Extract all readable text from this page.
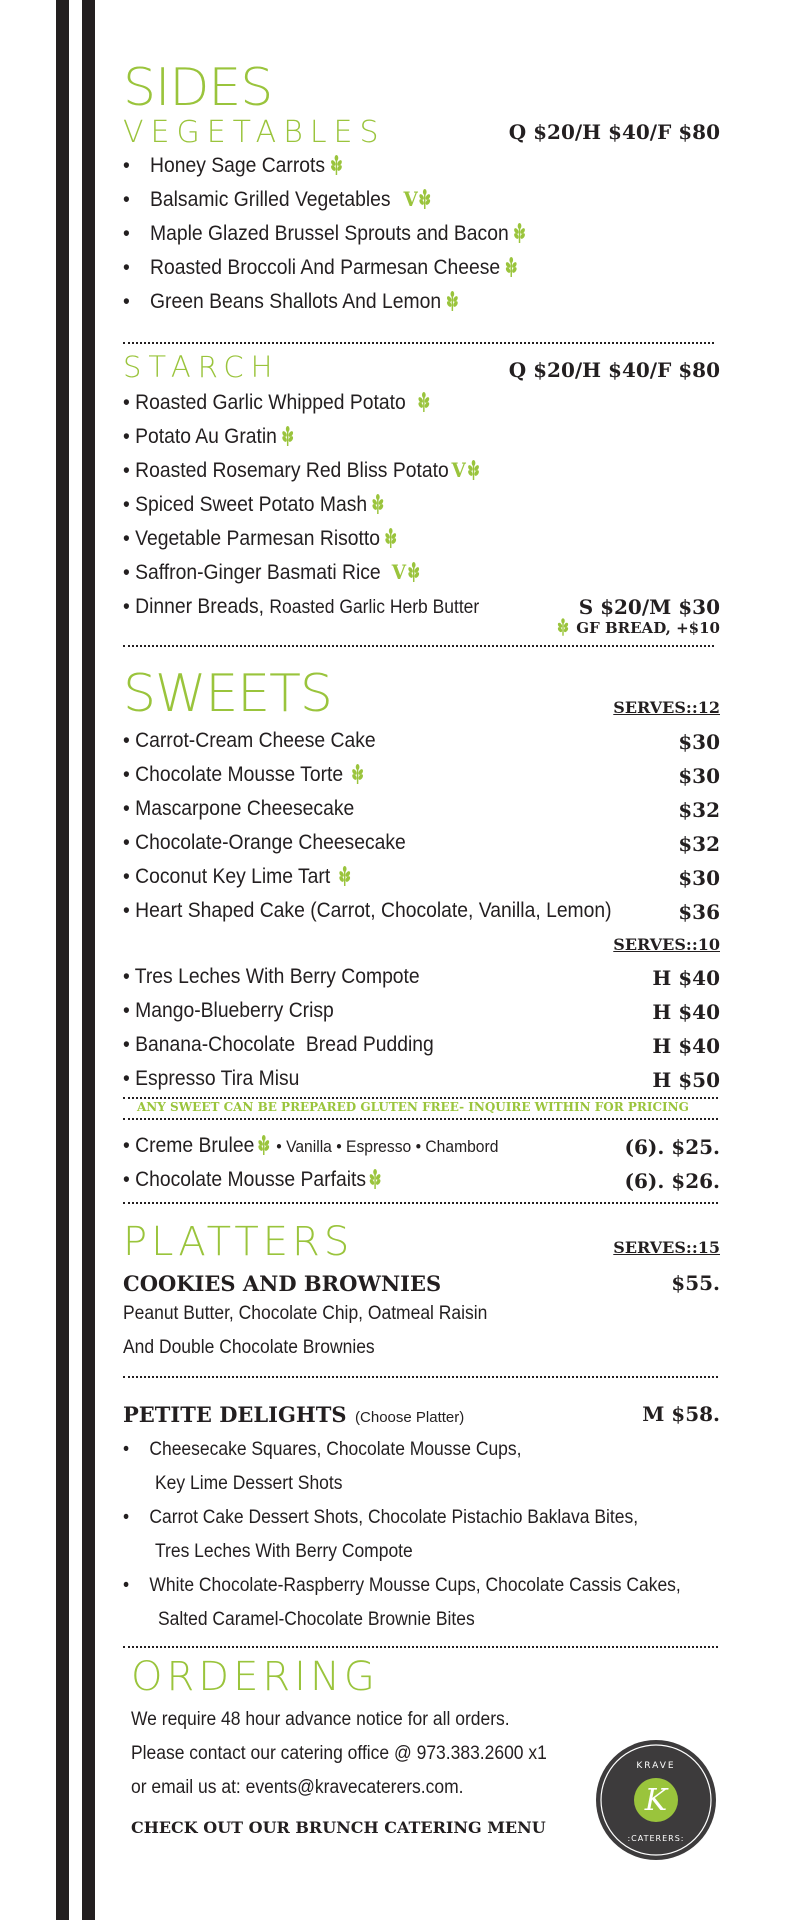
SIDES
VEGETABLES	Q $20/H $40/F $80
• Honey Sage Carrots
• Balsamic Grilled Vegetables V
• Maple Glazed Brussel Sprouts and Bacon
• Roasted Broccoli And Parmesan Cheese
• Green Beans Shallots And Lemon
STARCH	Q $20/H $40/F $80
• Roasted Garlic Whipped Potato
• Potato Au Gratin
• Roasted Rosemary Red Bliss Potato V
• Spiced Sweet Potato Mash
• Vegetable Parmesan Risotto
• Saffron-Ginger Basmati Rice V
• Dinner Breads, Roasted Garlic Herb Butter	S $20/M $30
GF BREAD, +$10
SWEETS	SERVES::12
• Carrot-Cream Cheese Cake	$30
• Chocolate Mousse Torte	$30
• Mascarpone Cheesecake	$32
• Chocolate-Orange Cheesecake	$32
• Coconut Key Lime Tart	$30
• Heart Shaped Cake (Carrot, Chocolate, Vanilla, Lemon)	$36
SERVES::10
• Tres Leches With Berry Compote	H $40
• Mango-Blueberry Crisp	H $40
• Banana-Chocolate  Bread Pudding	H $40
• Espresso Tira Misu	H $50
ANY SWEET CAN BE PREPARED GLUTEN FREE- INQUIRE WITHIN FOR PRICING
• Creme Brulee • Vanilla • Espresso • Chambord	(6). $25.
• Chocolate Mousse Parfaits	(6). $26.
PLATTERS	SERVES::15
COOKIES AND BROWNIES	$55.
Peanut Butter, Chocolate Chip, Oatmeal Raisin
And Double Chocolate Brownies
PETITE DELIGHTS (Choose Platter)	M $58.
• Cheesecake Squares, Chocolate Mousse Cups,
Key Lime Dessert Shots
• Carrot Cake Dessert Shots, Chocolate Pistachio Baklava Bites,
Tres Leches With Berry Compote
• White Chocolate-Raspberry Mousse Cups, Chocolate Cassis Cakes,
Salted Caramel-Chocolate Brownie Bites
ORDERING
We require 48 hour advance notice for all orders.
Please contact our catering office @ 973.383.2600 x1
or email us at: events@kravecaterers.com.
CHECK OUT OUR BRUNCH CATERING MENU
K
KRAVE
:CATERERS:
